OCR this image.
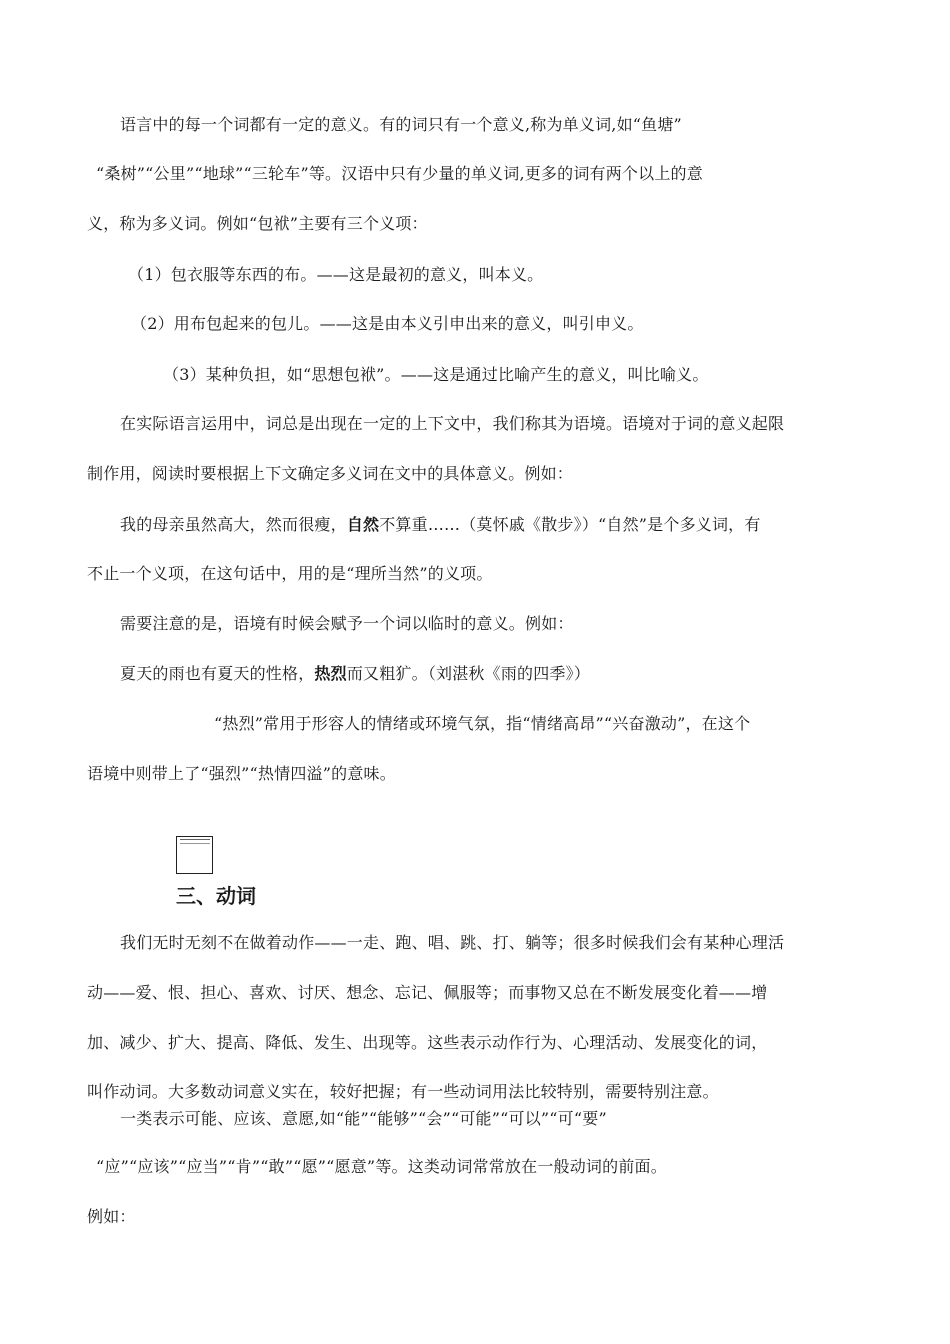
语言中的每一个词都有一定的意义。有的词只有一个意义,称为单义词,如“鱼塘”
“桑树”“公里”“地球”“三轮车”等。汉语中只有少量的单义词,更多的词有两个以上的意
义，称为多义词。例如“包袱”主要有三个义项：
（1）包衣服等东西的布。——这是最初的意义，叫本义。
（2）用布包起来的包儿。——这是由本义引申出来的意义，叫引申义。
（3）某种负担，如“思想包袱”。——这是通过比喻产生的意义，叫比喻义。
在实际语言运用中，词总是出现在一定的上下文中，我们称其为语境。语境对于词的意义起限
制作用，阅读时要根据上下文确定多义词在文中的具体意义。例如：
我的母亲虽然高大，然而很瘦，自然不算重……（莫怀戚《散步》）“自然”是个多义词，有
不止一个义项，在这句话中，用的是“理所当然”的义项。
需要注意的是，语境有时候会赋予一个词以临时的意义。例如：
夏天的雨也有夏天的性格，热烈而又粗犷。（刘湛秋《雨的四季》）
“热烈”常用于形容人的情绪或环境气氛，指“情绪高昂”“兴奋激动”，在这个
语境中则带上了“强烈”“热情四溢”的意味。
三、动词
我们无时无刻不在做着动作——一走、跑、唱、跳、打、躺等；很多时候我们会有某种心理活
动——爱、恨、担心、喜欢、讨厌、想念、忘记、佩服等；而事物又总在不断发展变化着——增
加、减少、扩大、提高、降低、发生、出现等。这些表示动作行为、心理活动、发展变化的词，
叫作动词。大多数动词意义实在，较好把握；有一些动词用法比较特别，需要特别注意。
一类表示可能、应该、意愿,如“能”“能够”“会”“可能”“可以”“可“要”
“应”“应该”“应当”“肯”“敢”“愿”“愿意”等。这类动词常常放在一般动词的前面。
例如：
